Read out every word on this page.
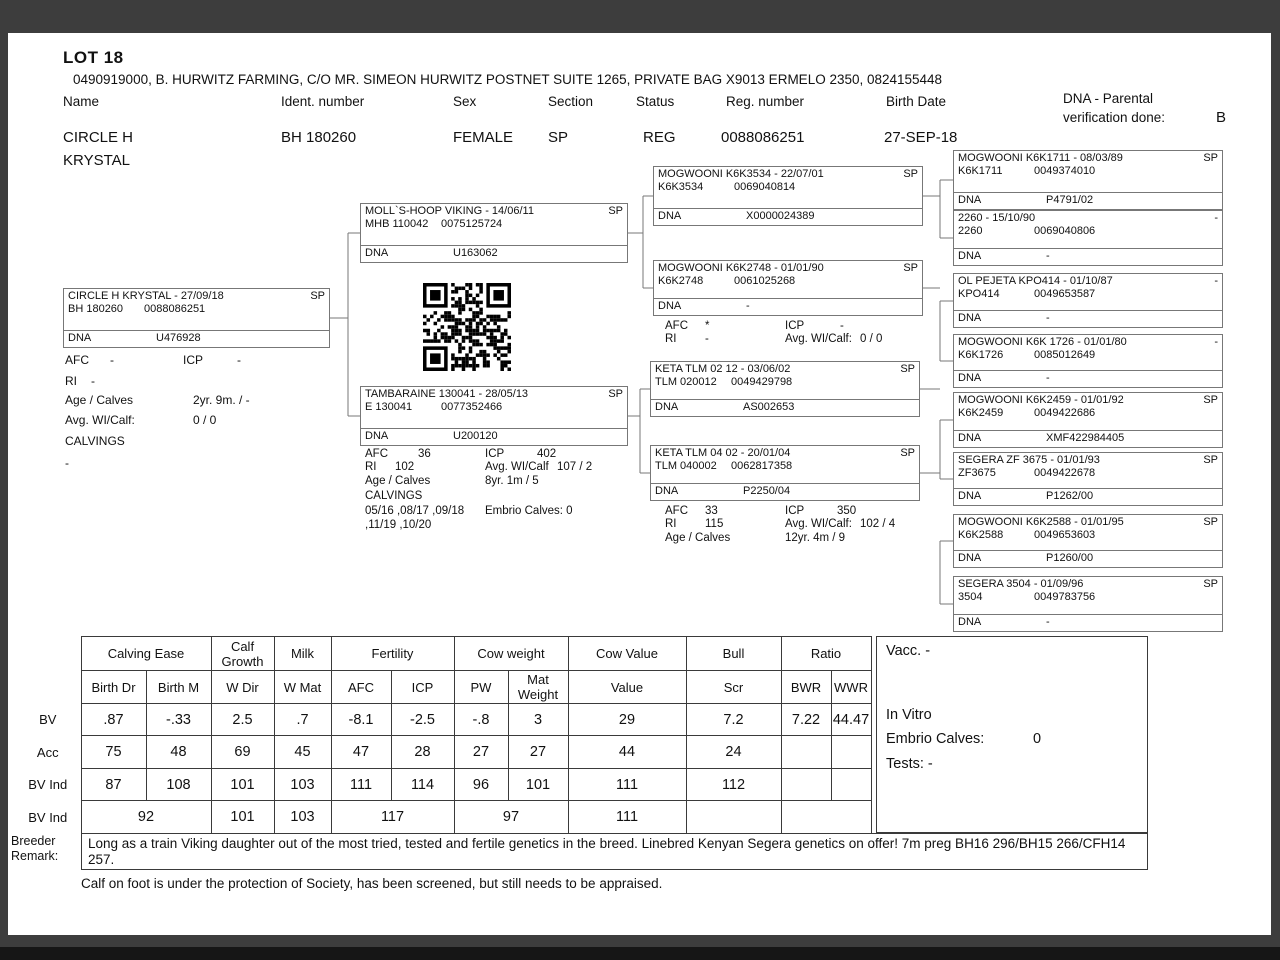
LOT 18
0490919000, B. HURWITZ FARMING, C/O MR. SIMEON HURWITZ POSTNET SUITE 1265, PRIVATE BAG X9013 ERMELO 2350, 0824155448
Name	Ident. number	Sex	Section	Status	Reg. number	Birth Date	DNA - Parental
verification done:	B
CIRCLE H
KRYSTAL
BH 180260	FEMALE SP	REG	0088086251	27-SEP-18
CIRCLE H KRYSTAL - 27/09/18	SP
BH 180260 0088086251
DNA	U476928
MOLL`S-HOOP VIKING - 14/06/11	SP
MHB 110042 0075125724
DNA	U163062
TAMBARAINE 130041 - 28/05/13	SP
E 130041	0077352466
DNA	U200120
MOGWOONI K6K3534 - 22/07/01	SP
K6K3534	0069040814
DNA	X0000024389
MOGWOONI K6K2748 - 01/01/90	SP
K6K2748	0061025268
DNA	-
KETA TLM 02 12 - 03/06/02	SP
TLM 020012 0049429798
DNA	AS002653
KETA TLM 04 02 - 20/01/04	SP
TLM 040002 0062817358
DNA	P2250/04
MOGWOONI K6K1711 - 08/03/89	SP
K6K1711	0049374010
DNA	P4791/02
2260 - 15/10/90	-
2260	0069040806
DNA	-
OL PEJETA KPO414 - 01/10/87	-
KPO414	0049653587
DNA	-
MOGWOONI K6K 1726 - 01/01/80	-
K6K1726	0085012649
DNA	-
MOGWOONI K6K2459 - 01/01/92	SP
K6K2459	0049422686
DNA	XMF422984405
SEGERA ZF 3675 - 01/01/93	SP
ZF3675	0049422678
DNA	P1262/00
MOGWOONI K6K2588 - 01/01/95	SP
K6K2588	0049653603
DNA	P1260/00
SEGERA 3504 - 01/09/96	SP
3504	0049783756
DNA	-
AFC -	ICP	-
RI -
Age / Calves	2yr. 9m. / -
Avg. WI/Calf:	0 / 0
CALVINGS
-
AFC	36	ICP	402
RI 102	Avg. WI/Calf 107 / 2
Age / Calves	8yr. 1m / 5
CALVINGS
05/16 ,08/17 ,09/18 Embrio Calves: 0
,11/19 ,10/20
AFC *	ICP	-
RI -	Avg. WI/Calf: 0 / 0
AFC 33	ICP	350
RI 115	Avg. WI/Calf: 102 / 4
Age / Calves	12yr. 4m / 9
	Calving Ease		Calf Growth	Milk	Fertility		Cow weight		Cow Value	Bull	Ratio	
	Birth Dr	Birth M	W Dir	W Mat	AFC	ICP	PW	Mat Weight	Value	Scr	BWR	WWR
BV	.87	-.33	2.5	.7	-8.1	-2.5	-.8	3	29	7.2	7.22	44.47
Acc	75	48	69	45	47	28	27	27	44	24		
BV Ind	87	108	101	103	111	114	96	101	111	112		
BV Ind	92		101	103	117		97		111			
Vacc. -
In Vitro
Embrio Calves:	0
Tests: -
Breeder
Remark:
Long as a train Viking daughter out of the most tried, tested and fertile genetics in the breed. Linebred Kenyan Segera genetics on offer! 7m preg BH16 296/BH15 266/CFH14 257.
Calf on foot is under the protection of Society, has been screened, but still needs to be appraised.
